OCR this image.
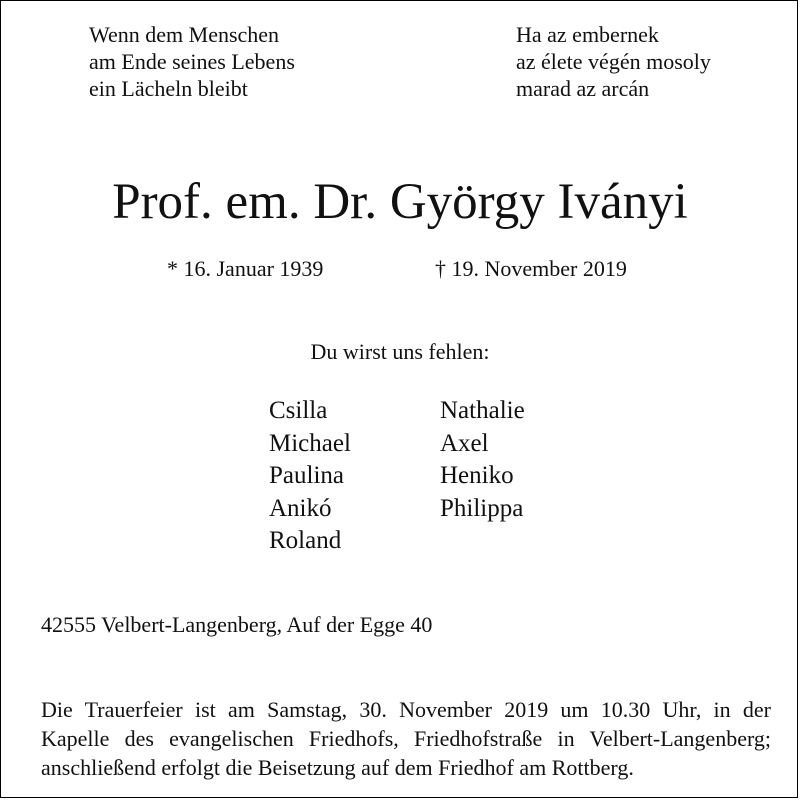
Wenn dem Menschen
am Ende seines Lebens
ein Lächeln bleibt
Ha az embernek
az élete végén mosoly
marad az arcán
Prof. em. Dr. György Iványi
* 16. Januar 1939	† 19. November 2019
Du wirst uns fehlen:
Csilla
Michael
Paulina
Anikó
Roland
Nathalie
Axel
Heniko
Philippa
42555 Velbert-Langenberg, Auf der Egge 40
Die Trauerfeier ist am Samstag, 30. November 2019 um 10.30 Uhr, in der
Kapelle des evangelischen Friedhofs, Friedhofstraße in Velbert-Langenberg;
anschließend erfolgt die Beisetzung auf dem Friedhof am Rottberg.
